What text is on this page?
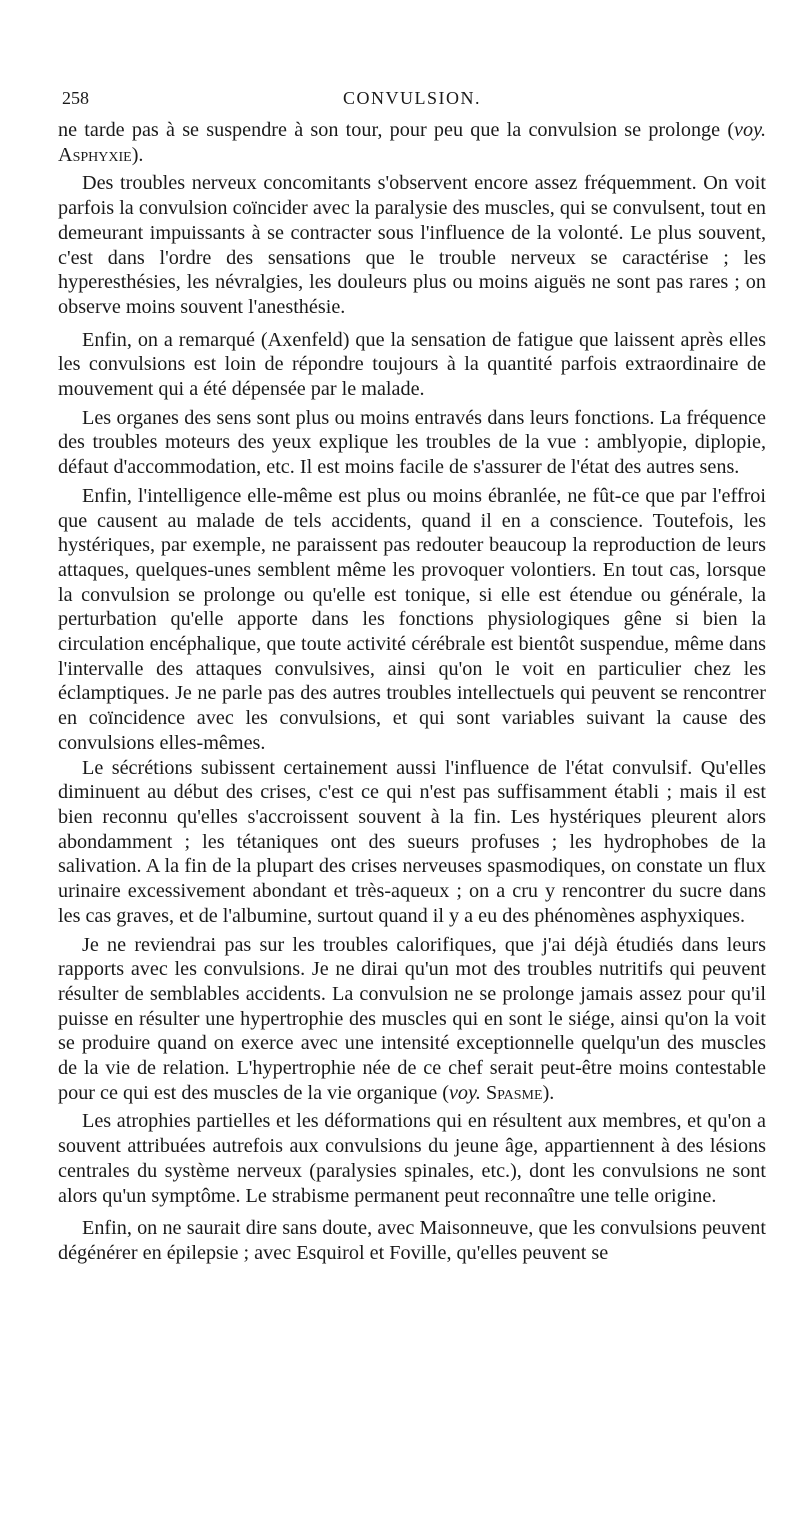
258	CONVULSION.

ne tarde pas à se suspendre à son tour, pour peu que la convulsion se prolonge (voy. Asphyxie).

Des troubles nerveux concomitants s'observent encore assez fréquemment. On voit parfois la convulsion coïncider avec la paralysie des muscles, qui se convulsent, tout en demeurant impuissants à se contracter sous l'influence de la volonté. Le plus souvent, c'est dans l'ordre des sensations que le trouble nerveux se caractérise ; les hyperesthésies, les névralgies, les douleurs plus ou moins aiguës ne sont pas rares ; on observe moins souvent l'anesthésie.

Enfin, on a remarqué (Axenfeld) que la sensation de fatigue que laissent après elles les convulsions est loin de répondre toujours à la quantité parfois extraordinaire de mouvement qui a été dépensée par le malade.

Les organes des sens sont plus ou moins entravés dans leurs fonctions. La fréquence des troubles moteurs des yeux explique les troubles de la vue : amblyopie, diplopie, défaut d'accommodation, etc. Il est moins facile de s'assurer de l'état des autres sens.

Enfin, l'intelligence elle-même est plus ou moins ébranlée, ne fût-ce que par l'effroi que causent au malade de tels accidents, quand il en a conscience. Toutefois, les hystériques, par exemple, ne paraissent pas redouter beaucoup la reproduction de leurs attaques, quelques-unes semblent même les provoquer volontiers. En tout cas, lorsque la convulsion se prolonge ou qu'elle est tonique, si elle est étendue ou générale, la perturbation qu'elle apporte dans les fonctions physiologiques gêne si bien la circulation encéphalique, que toute activité cérébrale est bientôt suspendue, même dans l'intervalle des attaques convulsives, ainsi qu'on le voit en particulier chez les éclamptiques. Je ne parle pas des autres troubles intellectuels qui peuvent se rencontrer en coïncidence avec les convulsions, et qui sont variables suivant la cause des convulsions elles-mêmes.

Le sécrétions subissent certainement aussi l'influence de l'état convulsif. Qu'elles diminuent au début des crises, c'est ce qui n'est pas suffisamment établi ; mais il est bien reconnu qu'elles s'accroissent souvent à la fin. Les hystériques pleurent alors abondamment ; les tétaniques ont des sueurs profuses ; les hydrophobes de la salivation. A la fin de la plupart des crises nerveuses spasmodiques, on constate un flux urinaire excessivement abondant et très-aqueux ; on a cru y rencontrer du sucre dans les cas graves, et de l'albumine, surtout quand il y a eu des phénomènes asphyxiques.

Je ne reviendrai pas sur les troubles calorifiques, que j'ai déjà étudiés dans leurs rapports avec les convulsions. Je ne dirai qu'un mot des troubles nutritifs qui peuvent résulter de semblables accidents. La convulsion ne se prolonge jamais assez pour qu'il puisse en résulter une hypertrophie des muscles qui en sont le siége, ainsi qu'on la voit se produire quand on exerce avec une intensité exceptionnelle quelqu'un des muscles de la vie de relation. L'hypertrophie née de ce chef serait peut-être moins contestable pour ce qui est des muscles de la vie organique (voy. Spasme).

Les atrophies partielles et les déformations qui en résultent aux membres, et qu'on a souvent attribuées autrefois aux convulsions du jeune âge, appartiennent à des lésions centrales du système nerveux (paralysies spinales, etc.), dont les convulsions ne sont alors qu'un symptôme. Le strabisme permanent peut reconnaître une telle origine.

Enfin, on ne saurait dire sans doute, avec Maisonneuve, que les convulsions peuvent dégénérer en épilepsie ; avec Esquirol et Foville, qu'elles peuvent se
